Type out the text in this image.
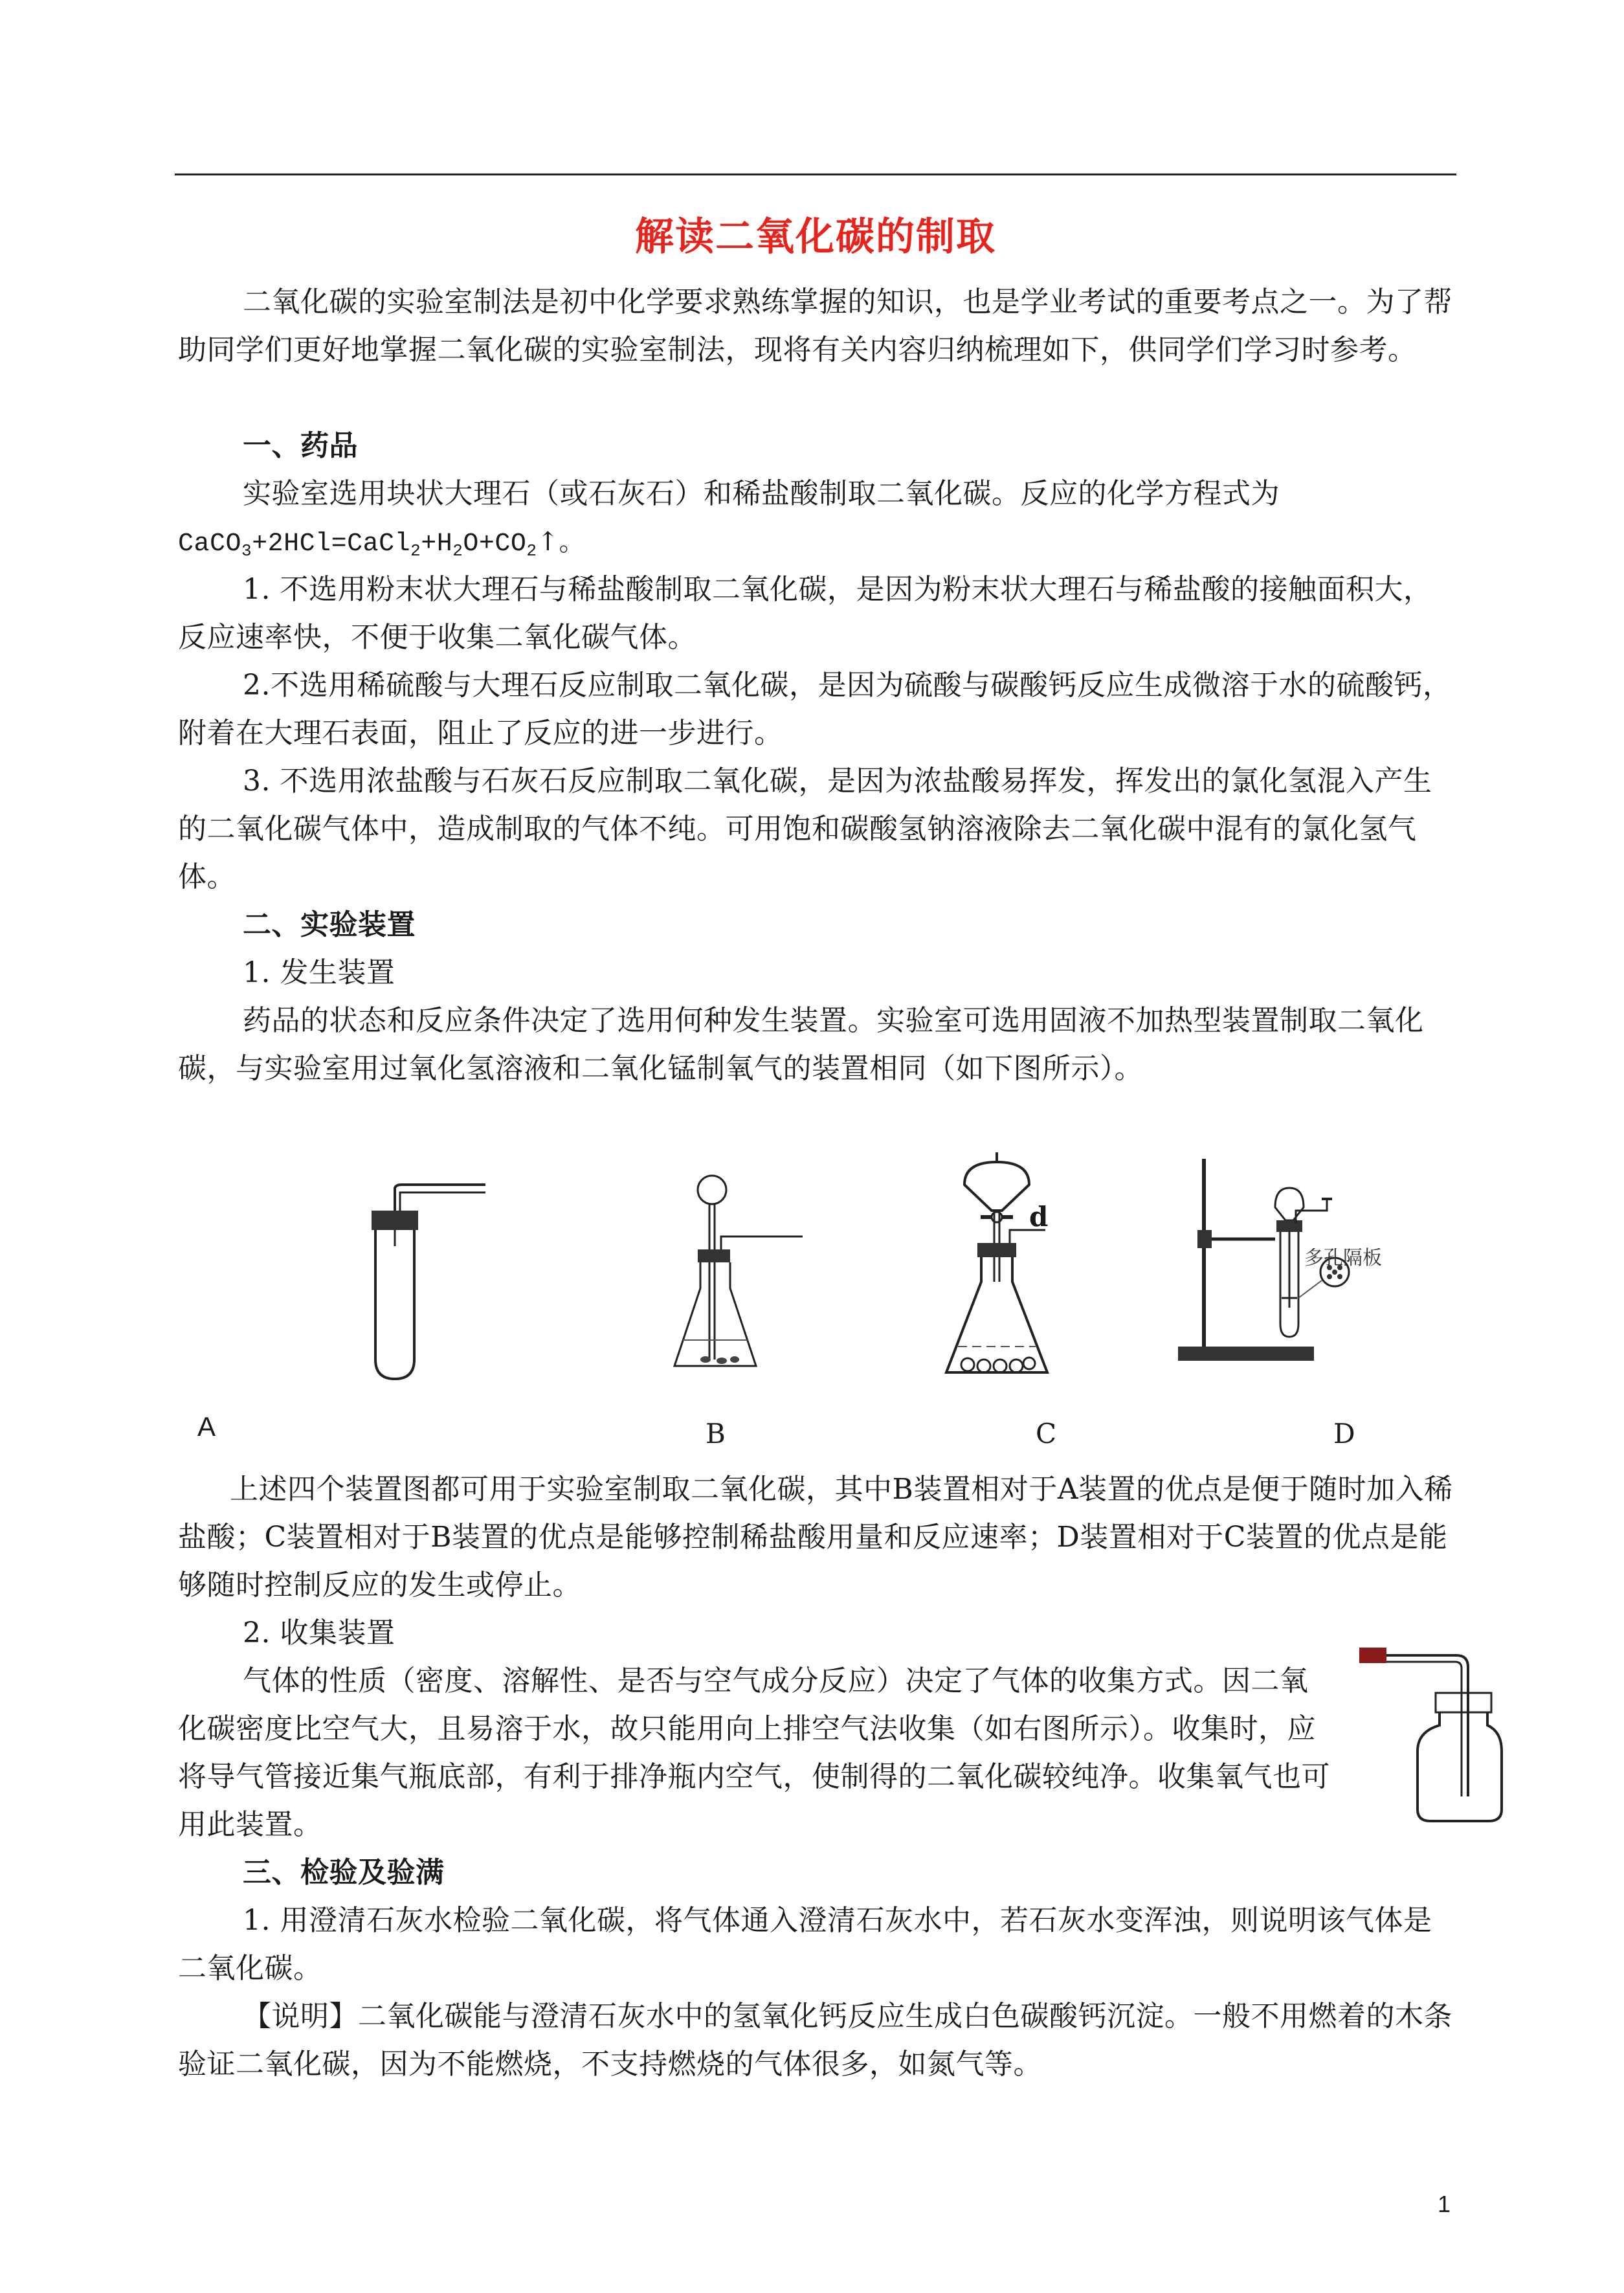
解读二氧化碳的制取
二氧化碳的实验室制法是初中化学要求熟练掌握的知识，也是学业考试的重要考点之一。为了帮助同学们更好地掌握二氧化碳的实验室制法，现将有关内容归纳梳理如下，供同学们学习时参考。
一、药品
实验室选用块状大理石（或石灰石）和稀盐酸制取二氧化碳。反应的化学方程式为
$CaCO_3+2HCl=CaCl_2+H_2O+CO_2↑$。
1. 不选用粉末状大理石与稀盐酸制取二氧化碳，是因为粉末状大理石与稀盐酸的接触面积大，反应速率快，不便于收集二氧化碳气体。
2.不选用稀硫酸与大理石反应制取二氧化碳，是因为硫酸与碳酸钙反应生成微溶于水的硫酸钙，附着在大理石表面，阻止了反应的进一步进行。
3. 不选用浓盐酸与石灰石反应制取二氧化碳，是因为浓盐酸易挥发，挥发出的氯化氢混入产生的二氧化碳气体中，造成制取的气体不纯。可用饱和碳酸氢钠溶液除去二氧化碳中混有的氯化氢气体。
二、实验装置
1. 发生装置
药品的状态和反应条件决定了选用何种发生装置。实验室可选用固液不加热型装置制取二氧化碳，与实验室用过氧化氢溶液和二氧化锰制氧气的装置相同（如下图所示）。
d
多孔隔板
A	B	C	D
上述四个装置图都可用于实验室制取二氧化碳，其中B装置相对于A装置的优点是便于随时加入稀盐酸；C装置相对于B装置的优点是能够控制稀盐酸用量和反应速率；D装置相对于C装置的优点是能够随时控制反应的发生或停止。
2. 收集装置
气体的性质（密度、溶解性、是否与空气成分反应）决定了气体的收集方式。因二氧化碳密度比空气大，且易溶于水，故只能用向上排空气法收集（如右图所示）。收集时，应将导气管接近集气瓶底部，有利于排净瓶内空气，使制得的二氧化碳较纯净。收集氧气也可用此装置。
三、检验及验满
1. 用澄清石灰水检验二氧化碳，将气体通入澄清石灰水中，若石灰水变浑浊，则说明该气体是二氧化碳。
【说明】二氧化碳能与澄清石灰水中的氢氧化钙反应生成白色碳酸钙沉淀。一般不用燃着的木条验证二氧化碳，因为不能燃烧，不支持燃烧的气体很多，如氮气等。
1
